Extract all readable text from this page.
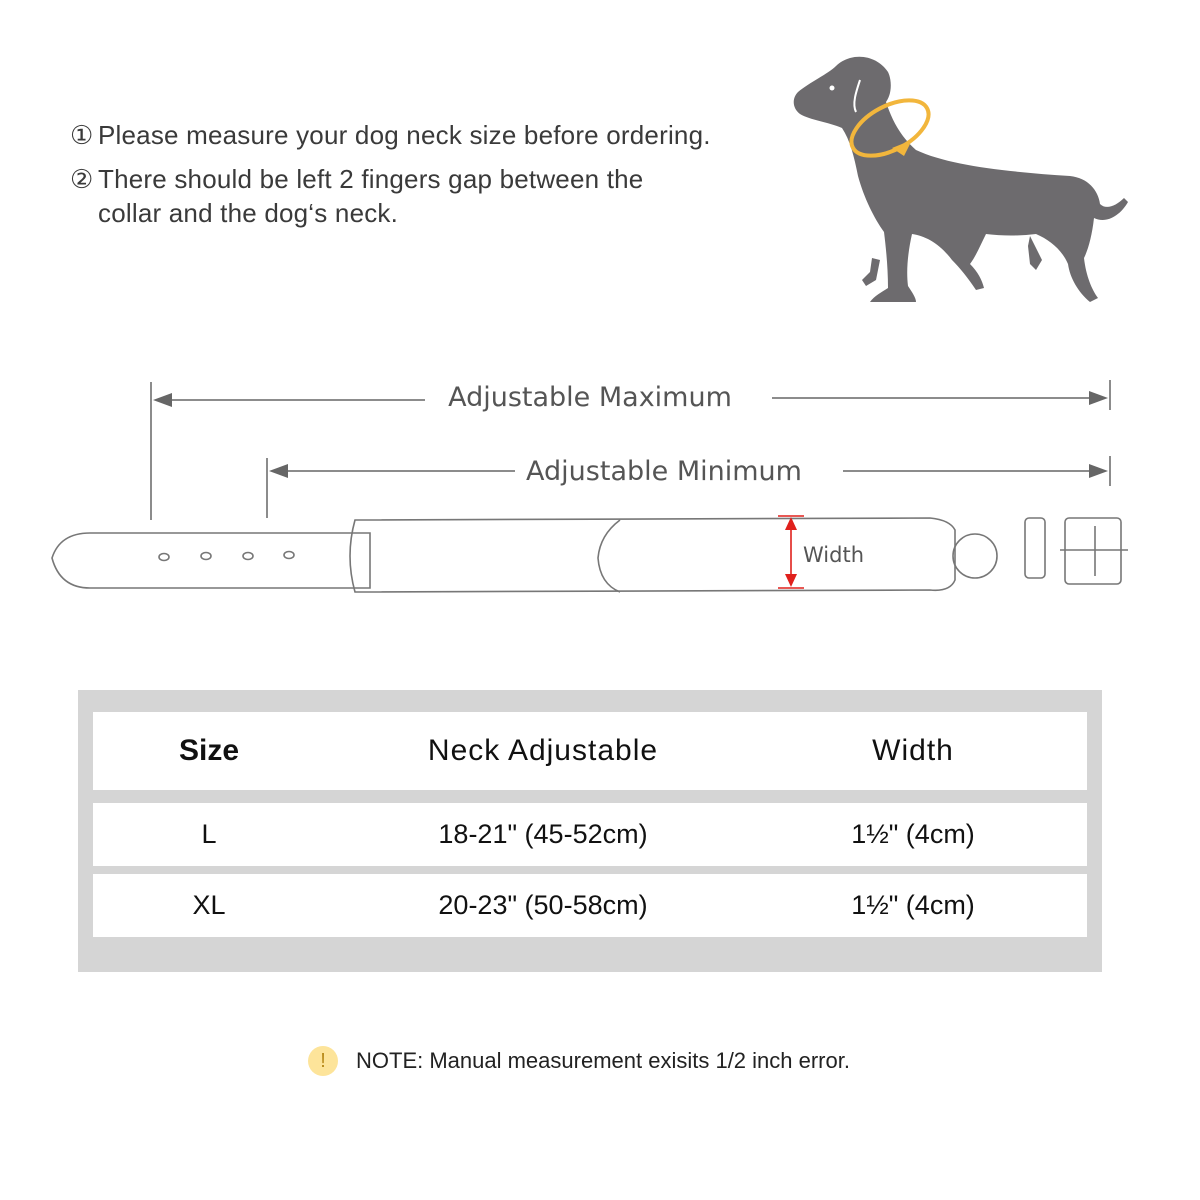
① Please measure your dog neck size before ordering.
② There should be left 2 fingers gap between the collar and the dog‘s neck.
Adjustable Maximum
Adjustable Minimum
Width
Size	Neck Adjustable	Width
L	18-21" (45-52cm)	1½" (4cm)
XL	20-23" (50-58cm)	1½" (4cm)
!	NOTE: Manual measurement exisits 1/2 inch error.
